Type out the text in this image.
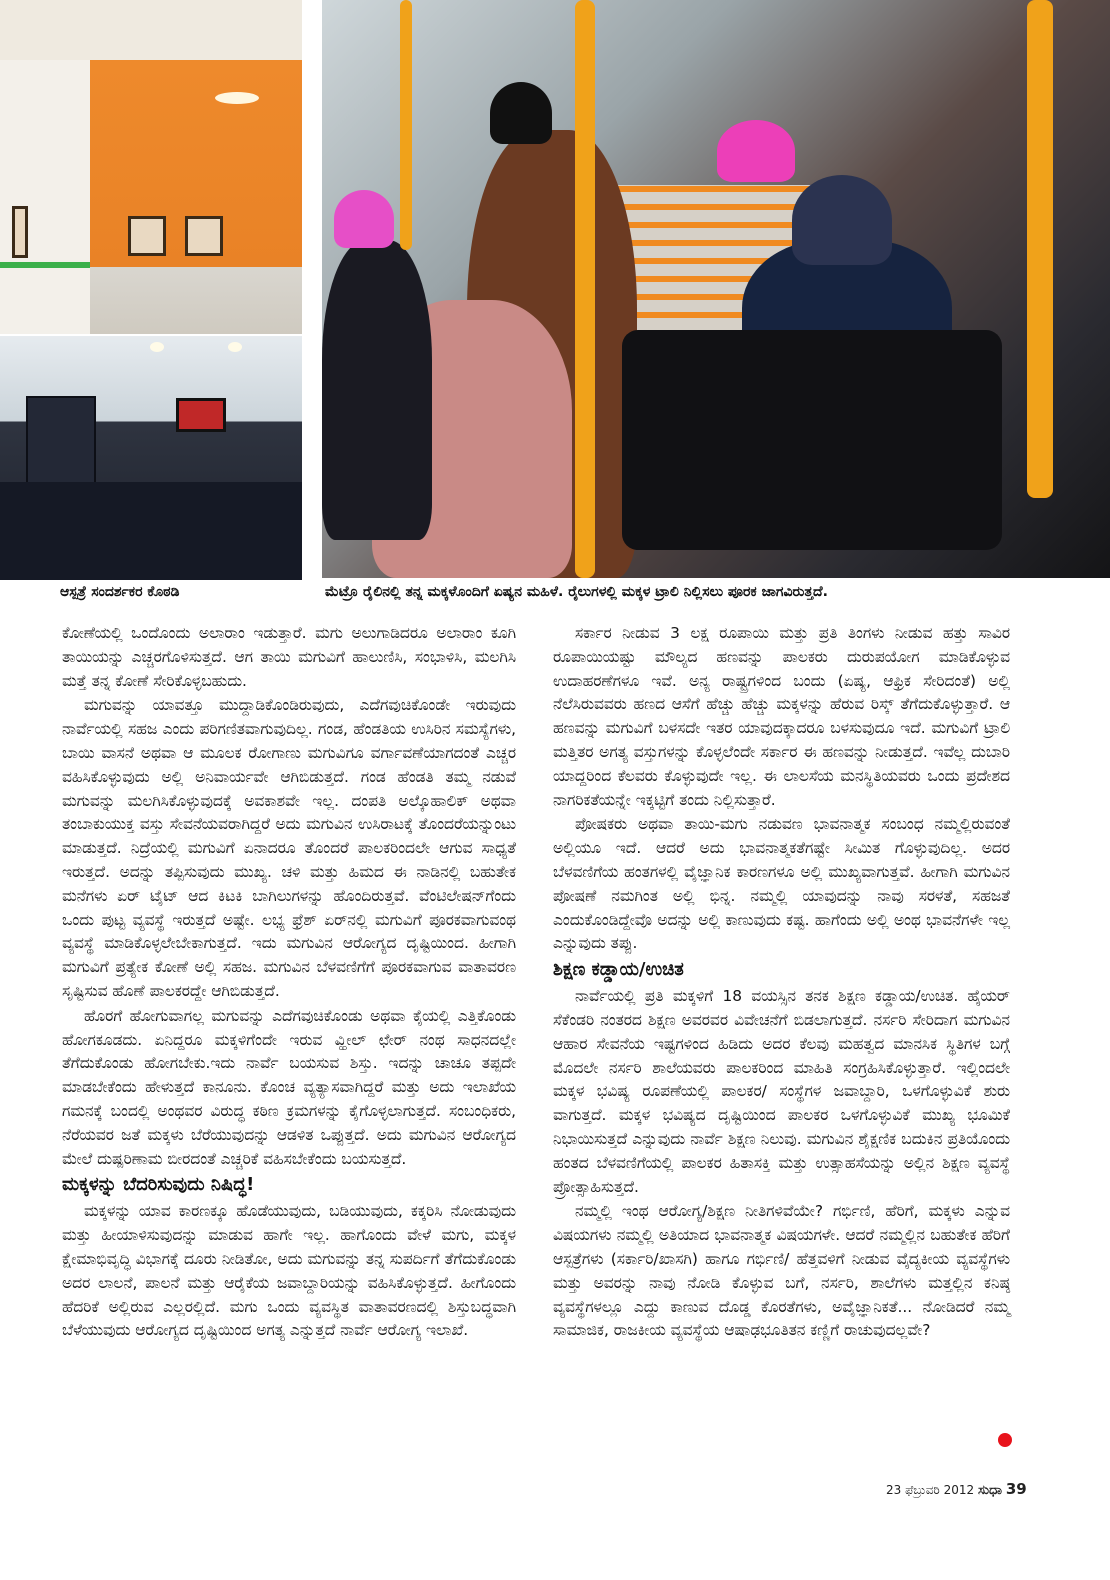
ಆಸ್ಪತ್ರೆ ಸಂದರ್ಶಕರ ಕೊಠಡಿ	ಮೆಟ್ರೊ ರೈಲಿನಲ್ಲಿ ತನ್ನ ಮಕ್ಕಳೊಂದಿಗೆ ಏಷ್ಯನ ಮಹಿಳೆ. ರೈಲುಗಳಲ್ಲಿ ಮಕ್ಕಳ ಟ್ರಾಲಿ ನಿಲ್ಲಿಸಲು ಪೂರಕ ಜಾಗವಿರುತ್ತದೆ.

ಕೋಣೆಯಲ್ಲಿ ಒಂದೊಂದು ಅಲಾರಾಂ ಇಡುತ್ತಾರೆ. ಮಗು ಅಲುಗಾಡಿದರೂ ಅಲಾರಾಂ ಕೂಗಿ ತಾಯಿಯನ್ನು ಎಚ್ಚರಗೊಳಿಸುತ್ತದೆ. ಆಗ ತಾಯಿ ಮಗುವಿಗೆ ಹಾಲುಣಿಸಿ, ಸಂಭಾಳಿಸಿ, ಮಲಗಿಸಿ ಮತ್ತೆ ತನ್ನ ಕೋಣೆ ಸೇರಿಕೊಳ್ಳಬಹುದು.

ಮಗುವನ್ನು ಯಾವತ್ತೂ ಮುದ್ದಾಡಿಕೊಂಡಿರುವುದು, ಎದೆಗವುಚಿಕೊಂಡೇ ಇರುವುದು ನಾರ್ವೆಯಲ್ಲಿ ಸಹಜ ಎಂದು ಪರಿಗಣಿತವಾಗುವುದಿಲ್ಲ. ಗಂಡ, ಹೆಂಡತಿಯ ಉಸಿರಿನ ಸಮಸ್ಯೆಗಳು, ಬಾಯಿ ವಾಸನೆ ಅಥವಾ ಆ ಮೂಲಕ ರೋಗಾಣು ಮಗುವಿಗೂ ವರ್ಗಾವಣೆಯಾಗದಂತೆ ಎಚ್ಚರ ವಹಿಸಿಕೊಳ್ಳುವುದು ಅಲ್ಲಿ ಅನಿವಾರ್ಯವೇ ಆಗಿಬಿಡುತ್ತದೆ. ಗಂಡ ಹೆಂಡತಿ ತಮ್ಮ ನಡುವೆ ಮಗುವನ್ನು ಮಲಗಿಸಿಕೊಳ್ಳುವುದಕ್ಕೆ ಅವಕಾಶವೇ ಇಲ್ಲ. ದಂಪತಿ ಅಲ್ಕೊಹಾಲಿಕ್ ಅಥವಾ ತಂಬಾಕುಯುಕ್ತ ವಸ್ತು ಸೇವನೆಯವರಾಗಿದ್ದರೆ ಅದು ಮಗುವಿನ ಉಸಿರಾಟಕ್ಕೆ ತೊಂದರೆಯನ್ನುಂಟು ಮಾಡುತ್ತದೆ. ನಿದ್ರೆಯಲ್ಲಿ ಮಗುವಿಗೆ ಏನಾದರೂ ತೊಂದರೆ ಪಾಲಕರಿಂದಲೇ ಆಗುವ ಸಾಧ್ಯತೆ ಇರುತ್ತದೆ. ಅದನ್ನು ತಪ್ಪಿಸುವುದು ಮುಖ್ಯ. ಚಳಿ ಮತ್ತು ಹಿಮದ ಈ ನಾಡಿನಲ್ಲಿ ಬಹುತೇಕ ಮನೆಗಳು ಏರ್ ಟೈಟ್ ಆದ ಕಿಟಕಿ ಬಾಗಿಲುಗಳನ್ನು ಹೊಂದಿರುತ್ತವೆ. ವೆಂಟಿಲೇಷನ್‌ಗೆಂದು ಒಂದು ಪುಟ್ಟ ವ್ಯವಸ್ಥೆ ಇರುತ್ತದೆ ಅಷ್ಟೇ. ಲಭ್ಯ ಫ್ರೆಶ್ ಏರ್‌ನಲ್ಲಿ ಮಗುವಿಗೆ ಪೂರಕವಾಗುವಂಥ ವ್ಯವಸ್ಥೆ ಮಾಡಿಕೊಳ್ಳಲೇಬೇಕಾಗುತ್ತದೆ. ಇದು ಮಗುವಿನ ಆರೋಗ್ಯದ ದೃಷ್ಟಿಯಿಂದ. ಹೀಗಾಗಿ ಮಗುವಿಗೆ ಪ್ರತ್ಯೇಕ ಕೋಣೆ ಅಲ್ಲಿ ಸಹಜ. ಮಗುವಿನ ಬೆಳವಣಿಗೆಗೆ ಪೂರಕವಾಗುವ ವಾತಾವರಣ ಸೃಷ್ಟಿಸುವ ಹೊಣೆ ಪಾಲಕರದ್ದೇ ಆಗಿಬಿಡುತ್ತದೆ.

ಹೊರಗೆ ಹೋಗುವಾಗಲ್ಲ ಮಗುವನ್ನು ಎದೆಗವುಚಿಕೊಂಡು ಅಥವಾ ಕೈಯಲ್ಲಿ ಎತ್ತಿಕೊಂಡು ಹೋಗಕೂಡದು. ಏನಿದ್ದರೂ ಮಕ್ಕಳಿಗೆಂದೇ ಇರುವ ವ್ಹೀಲ್ ಛೇರ್ ನಂಥ ಸಾಧನದಲ್ಲೇ ತೆಗೆದುಕೊಂಡು ಹೋಗಬೇಕು.ಇದು ನಾರ್ವೆ ಬಯಸುವ ಶಿಸ್ತು. ಇದನ್ನು ಚಾಚೂ ತಪ್ಪದೇ ಮಾಡಬೇಕೆಂದು ಹೇಳುತ್ತದೆ ಕಾನೂನು. ಕೊಂಚ ವ್ಯತ್ಯಾಸವಾಗಿದ್ದರೆ ಮತ್ತು ಅದು ಇಲಾಖೆಯ ಗಮನಕ್ಕೆ ಬಂದಲ್ಲಿ ಅಂಥವರ ವಿರುದ್ಧ ಕಠಿಣ ಕ್ರಮಗಳನ್ನು ಕೈಗೊಳ್ಳಲಾಗುತ್ತದೆ. ಸಂಬಂಧಿಕರು, ನೆರೆಯವರ ಜತೆ ಮಕ್ಕಳು ಬೆರೆಯುವುದನ್ನು ಆಡಳಿತ ಒಪ್ಪುತ್ತದೆ. ಅದು ಮಗುವಿನ ಆರೋಗ್ಯದ ಮೇಲೆ ದುಷ್ಪರಿಣಾಮ ಬೀರದಂತೆ ಎಚ್ಚರಿಕೆ ವಹಿಸಬೇಕೆಂದು ಬಯಸುತ್ತದೆ.

ಮಕ್ಕಳನ್ನು ಬೆದರಿಸುವುದು ನಿಷಿದ್ಧ!

ಮಕ್ಕಳನ್ನು ಯಾವ ಕಾರಣಕ್ಕೂ ಹೊಡೆಯುವುದು, ಬಡಿಯುವುದು, ಕಕ್ಕರಿಸಿ ನೋಡುವುದು ಮತ್ತು ಹೀಯಾಳಿಸುವುದನ್ನು ಮಾಡುವ ಹಾಗೇ ಇಲ್ಲ. ಹಾಗೊಂದು ವೇಳೆ ಮಗು, ಮಕ್ಕಳ ಕ್ಷೇಮಾಭಿವೃದ್ಧಿ ವಿಭಾಗಕ್ಕೆ ದೂರು ನೀಡಿತೋ, ಅದು ಮಗುವನ್ನು ತನ್ನ ಸುಪರ್ದಿಗೆ ತೆಗೆದುಕೊಂಡು ಅದರ ಲಾಲನೆ, ಪಾಲನೆ ಮತ್ತು ಆರೈಕೆಯ ಜವಾಬ್ದಾರಿಯನ್ನು ವಹಿಸಿಕೊಳ್ಳುತ್ತದೆ. ಹೀಗೊಂದು ಹೆದರಿಕೆ ಅಲ್ಲಿರುವ ಎಲ್ಲರಲ್ಲಿದೆ. ಮಗು ಒಂದು ವ್ಯವಸ್ಥಿತ ವಾತಾವರಣದಲ್ಲಿ ಶಿಸ್ತುಬದ್ಧವಾಗಿ ಬೆಳೆಯುವುದು ಆರೋಗ್ಯದ ದೃಷ್ಟಿಯಿಂದ ಅಗತ್ಯ ಎನ್ನುತ್ತದೆ ನಾರ್ವೆ ಆರೋಗ್ಯ ಇಲಾಖೆ.

ಸರ್ಕಾರ ನೀಡುವ 3 ಲಕ್ಷ ರೂಪಾಯಿ ಮತ್ತು ಪ್ರತಿ ತಿಂಗಳು ನೀಡುವ ಹತ್ತು ಸಾವಿರ ರೂಪಾಯಿಯಷ್ಟು ಮೌಲ್ಯದ ಹಣವನ್ನು ಪಾಲಕರು ದುರುಪಯೋಗ ಮಾಡಿಕೊಳ್ಳುವ ಉದಾಹರಣೆಗಳೂ ಇವೆ. ಅನ್ಯ ರಾಷ್ಟ್ರಗಳಿಂದ ಬಂದು (ಏಷ್ಯ, ಆಫ್ರಿಕ ಸೇರಿದಂತೆ) ಅಲ್ಲಿ ನೆಲೆಸಿರುವವರು ಹಣದ ಆಸೆಗೆ ಹೆಚ್ಚು ಹೆಚ್ಚು ಮಕ್ಕಳನ್ನು ಹೆರುವ ರಿಸ್ಕ್ ತೆಗೆದುಕೊಳ್ಳುತ್ತಾರೆ. ಆ ಹಣವನ್ನು ಮಗುವಿಗೆ ಬಳಸದೇ ಇತರ ಯಾವುದಕ್ಕಾದರೂ ಬಳಸುವುದೂ ಇದೆ. ಮಗುವಿಗೆ ಟ್ರಾಲಿ ಮತ್ತಿತರ ಅಗತ್ಯ ವಸ್ತುಗಳನ್ನು ಕೊಳ್ಳಲೆಂದೇ ಸರ್ಕಾರ ಈ ಹಣವನ್ನು ನೀಡುತ್ತದೆ. ಇವೆಲ್ಲ ದುಬಾರಿ ಯಾದ್ದರಿಂದ ಕೆಲವರು ಕೊಳ್ಳುವುದೇ ಇಲ್ಲ. ಈ ಲಾಲಸೆಯ ಮನಸ್ಥಿತಿಯವರು ಒಂದು ಪ್ರದೇಶದ ನಾಗರಿಕತೆಯನ್ನೇ ಇಕ್ಕಟ್ಟಿಗೆ ತಂದು ನಿಲ್ಲಿಸುತ್ತಾರೆ.

ಪೋಷಕರು ಅಥವಾ ತಾಯಿ-ಮಗು ನಡುವಣ ಭಾವನಾತ್ಮಕ ಸಂಬಂಧ ನಮ್ಮಲ್ಲಿರುವಂತೆ ಅಲ್ಲಿಯೂ ಇದೆ. ಆದರೆ ಅದು ಭಾವನಾತ್ಮಕತೆಗಷ್ಟೇ ಸೀಮಿತ ಗೊಳ್ಳುವುದಿಲ್ಲ. ಅದರ ಬೆಳವಣಿಗೆಯ ಹಂತಗಳಲ್ಲಿ ವೈಜ್ಞಾನಿಕ ಕಾರಣಗಳೂ ಅಲ್ಲಿ ಮುಖ್ಯವಾಗುತ್ತವೆ. ಹೀಗಾಗಿ ಮಗುವಿನ ಪೋಷಣೆ ನಮಗಿಂತ ಅಲ್ಲಿ ಭಿನ್ನ. ನಮ್ಮಲ್ಲಿ ಯಾವುದನ್ನು ನಾವು ಸರಳತೆ, ಸಹಜತೆ ಎಂದುಕೊಂಡಿದ್ದೇವೊ ಅದನ್ನು ಅಲ್ಲಿ ಕಾಣುವುದು ಕಷ್ಟ. ಹಾಗೆಂದು ಅಲ್ಲಿ ಅಂಥ ಭಾವನೆಗಳೇ ಇಲ್ಲ ಎನ್ನುವುದು ತಪ್ಪು.

ಶಿಕ್ಷಣ ಕಡ್ಡಾಯ/ಉಚಿತ

ನಾರ್ವೆಯಲ್ಲಿ ಪ್ರತಿ ಮಕ್ಕಳಿಗೆ 18 ವಯಸ್ಸಿನ ತನಕ ಶಿಕ್ಷಣ ಕಡ್ಡಾಯ/ಉಚಿತ. ಹೈಯರ್ ಸೆಕೆಂಡರಿ ನಂತರದ ಶಿಕ್ಷಣ ಅವರವರ ವಿವೇಚನೆಗೆ ಬಿಡಲಾಗುತ್ತದೆ. ನರ್ಸರಿ ಸೇರಿದಾಗ ಮಗುವಿನ ಆಹಾರ ಸೇವನೆಯ ಇಷ್ಟಗಳಿಂದ ಹಿಡಿದು ಅದರ ಕೆಲವು ಮಹತ್ವದ ಮಾನಸಿಕ ಸ್ಥಿತಿಗಳ ಬಗ್ಗೆ ಮೊದಲೇ ನರ್ಸರಿ ಶಾಲೆಯವರು ಪಾಲಕರಿಂದ ಮಾಹಿತಿ ಸಂಗ್ರಹಿಸಿಕೊಳ್ಳುತ್ತಾರೆ. ಇಲ್ಲಿಂದಲೇ ಮಕ್ಕಳ ಭವಿಷ್ಯ ರೂಪಣೆಯಲ್ಲಿ ಪಾಲಕರ/ ಸಂಸ್ಥೆಗಳ ಜವಾಬ್ದಾರಿ, ಒಳಗೊಳ್ಳುವಿಕೆ ಶುರು ವಾಗುತ್ತದೆ. ಮಕ್ಕಳ ಭವಿಷ್ಯದ ದೃಷ್ಟಿಯಿಂದ ಪಾಲಕರ ಒಳಗೊಳ್ಳುವಿಕೆ ಮುಖ್ಯ ಭೂಮಿಕೆ ನಿಭಾಯಿಸುತ್ತದೆ ಎನ್ನುವುದು ನಾರ್ವೆ ಶಿಕ್ಷಣ ನಿಲುವು. ಮಗುವಿನ ಶೈಕ್ಷಣಿಕ ಬದುಕಿನ ಪ್ರತಿಯೊಂದು ಹಂತದ ಬೆಳವಣಿಗೆಯಲ್ಲಿ ಪಾಲಕರ ಹಿತಾಸಕ್ತಿ ಮತ್ತು ಉತ್ಸಾಹಸೆಯನ್ನು ಅಲ್ಲಿನ ಶಿಕ್ಷಣ ವ್ಯವಸ್ಥೆ ಪ್ರೋತ್ಸಾಹಿಸುತ್ತದೆ.

ನಮ್ಮಲ್ಲಿ ಇಂಥ ಆರೋಗ್ಯ/ಶಿಕ್ಷಣ ನೀತಿಗಳಿವೆಯೇ? ಗರ್ಭಿಣಿ, ಹೆರಿಗೆ, ಮಕ್ಕಳು ಎನ್ನುವ ವಿಷಯಗಳು ನಮ್ಮಲ್ಲಿ ಅತಿಯಾದ ಭಾವನಾತ್ಮಕ ವಿಷಯಗಳೇ. ಆದರೆ ನಮ್ಮಲ್ಲಿನ ಬಹುತೇಕ ಹೆರಿಗೆ ಆಸ್ಪತ್ರೆಗಳು (ಸರ್ಕಾರಿ/ಖಾಸಗಿ) ಹಾಗೂ ಗರ್ಭಿಣಿ/ ಹೆತ್ತವಳಿಗೆ ನೀಡುವ ವೈದ್ಯಕೀಯ ವ್ಯವಸ್ಥೆಗಳು ಮತ್ತು ಅವರನ್ನು ನಾವು ನೋಡಿ ಕೊಳ್ಳುವ ಬಗೆ, ನರ್ಸರಿ, ಶಾಲೆಗಳು ಮತ್ತಲ್ಲಿನ ಕನಿಷ್ಠ ವ್ಯವಸ್ಥೆಗಳಲ್ಲೂ ಎದ್ದು ಕಾಣುವ ದೊಡ್ಡ ಕೊರತೆಗಳು, ಅವೈಜ್ಞಾನಿಕತೆ... ನೋಡಿದರೆ ನಮ್ಮ ಸಾಮಾಜಿಕ, ರಾಜಕೀಯ ವ್ಯವಸ್ಥೆಯ ಆಷಾಢಭೂತಿತನ ಕಣ್ಣಿಗೆ ರಾಚುವುದಲ್ಲವೇ?

23 ಫೆಬ್ರುವರಿ 2012 ಸುಧಾ 39
